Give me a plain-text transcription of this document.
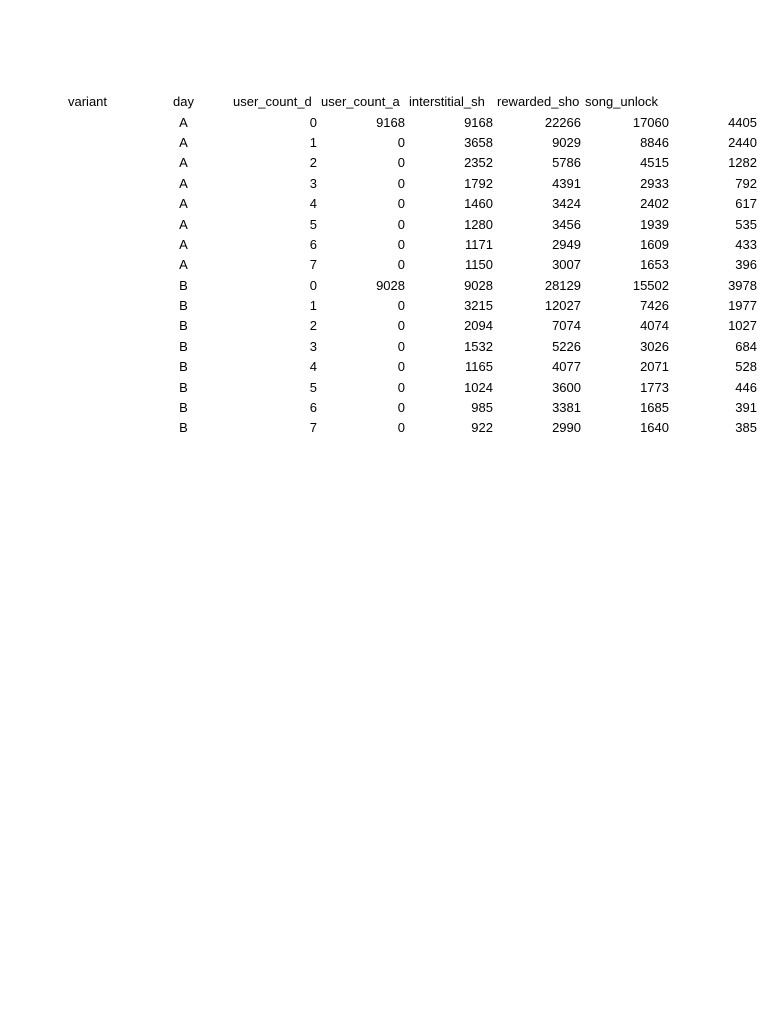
variant	day	user_count_d	user_count_a	interstitial_sh	rewarded_sho	song_unlock	
	A	0	9168	9168	22266	17060	4405
	A	1	0	3658	9029	8846	2440
	A	2	0	2352	5786	4515	1282
	A	3	0	1792	4391	2933	792
	A	4	0	1460	3424	2402	617
	A	5	0	1280	3456	1939	535
	A	6	0	1171	2949	1609	433
	A	7	0	1150	3007	1653	396
	B	0	9028	9028	28129	15502	3978
	B	1	0	3215	12027	7426	1977
	B	2	0	2094	7074	4074	1027
	B	3	0	1532	5226	3026	684
	B	4	0	1165	4077	2071	528
	B	5	0	1024	3600	1773	446
	B	6	0	985	3381	1685	391
	B	7	0	922	2990	1640	385
